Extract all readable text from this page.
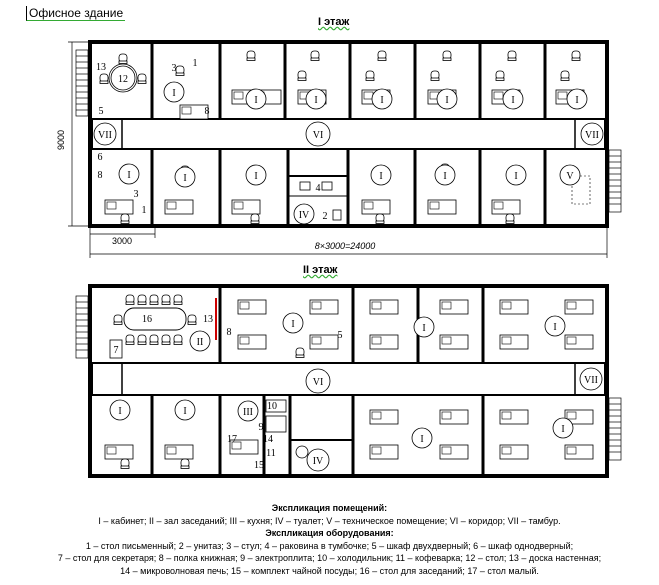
Офисное здание
I этаж
II этаж
12
13
I
I	I	I	I	I	I
VII	VI	VII
I	I	I	I	I	I	V
IV
3 1
8
5
6
8
3
1
4
2
16	13
8
7
II
I	I	I
5
VI	VII
I	I	III
10
9
14
11
15
17
IV
I
I
9000
3000	8×3000=24000
Экспликация помещений:
I – кабинет; II – зал заседаний; III – кухня; IV – туалет; V – техническое помещение; VI – коридор; VII – тамбур.
Экспликация оборудования:
1 – стол письменный; 2 – унитаз; 3 – стул; 4 – раковина в тумбочке; 5 – шкаф двухдверный; 6 – шкаф однодверный;
7 – стол для секретаря; 8 – полка книжная; 9 – электроплита; 10 – холодильник; 11 – кофеварка; 12 – стол; 13 – доска настенная;
14 – микроволновая печь; 15 – комплект чайной посуды; 16 – стол для заседаний; 17 – стол малый.
